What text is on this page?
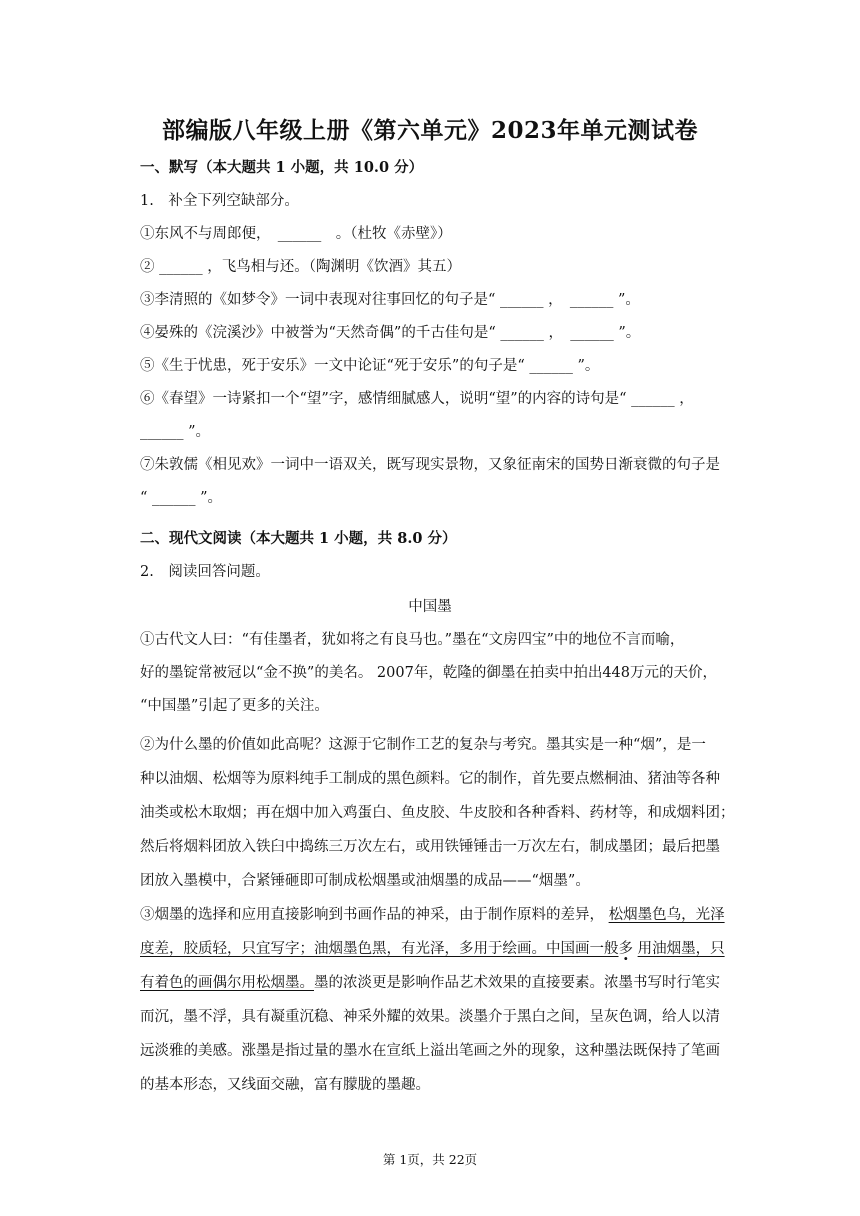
部编版八年级上册《第六单元》2023年单元测试卷
一、默写（本大题共 1 小题，共 10.0 分）
1.　补全下列空缺部分。
①东风不与周郎便，　______　。（杜牧《赤壁》）
② ______ ，飞鸟相与还。（陶渊明《饮酒》其五）
③李清照的《如梦令》一词中表现对往事回忆的句子是“ ______ ，　______ ”。
④晏殊的《浣溪沙》中被誉为“天然奇偶”的千古佳句是“ ______ ，　______ ”。
⑤《生于忧患，死于安乐》一文中论证“死于安乐”的句子是“ ______ ”。
⑥《春望》一诗紧扣一个“望”字，感情细腻感人，说明“望”的内容的诗句是“ ______ ，
______ ”。
⑦朱敦儒《相见欢》一词中一语双关，既写现实景物，又象征南宋的国势日渐衰微的句子是
“ ______ ”。
二、现代文阅读（本大题共 1 小题，共 8.0 分）
2.　阅读回答问题。
中国墨
①古代文人曰：“有佳墨者，犹如将之有良马也。”墨在“文房四宝”中的地位不言而喻，
好的墨锭常被冠以“金不换”的美名。 2007年，乾隆的御墨在拍卖中拍出448万元的天价，
“中国墨”引起了更多的关注。
②为什么墨的价值如此高呢？这源于它制作工艺的复杂与考究。墨其实是一种“烟”，是一
种以油烟、松烟等为原料纯手工制成的黑色颜料。它的制作，首先要点燃桐油、猪油等各种
油类或松木取烟；再在烟中加入鸡蛋白、鱼皮胶、牛皮胶和各种香料、药材等，和成烟料团；
然后将烟料团放入铁臼中捣练三万次左右，或用铁锤锤击一万次左右，制成墨团；最后把墨
团放入墨模中，合紧锤砸即可制成松烟墨或油烟墨的成品——“烟墨”。
③烟墨的选择和应用直接影响到书画作品的神采，由于制作原料的差异， 松烟墨色乌，光泽
度差，胶质轻，只宜写字；油烟墨色黑，有光泽，多用于绘画。中国画一般多 用油烟墨，只
有着色的画偶尔用松烟墨。墨的浓淡更是影响作品艺术效果的直接要素。浓墨书写时行笔实
而沉，墨不浮，具有凝重沉稳、神采外耀的效果。淡墨介于黑白之间，呈灰色调，给人以清
远淡雅的美感。涨墨是指过量的墨水在宣纸上溢出笔画之外的现象，这种墨法既保持了笔画
的基本形态，又线面交融，富有朦胧的墨趣。
第 1页，共 22页
